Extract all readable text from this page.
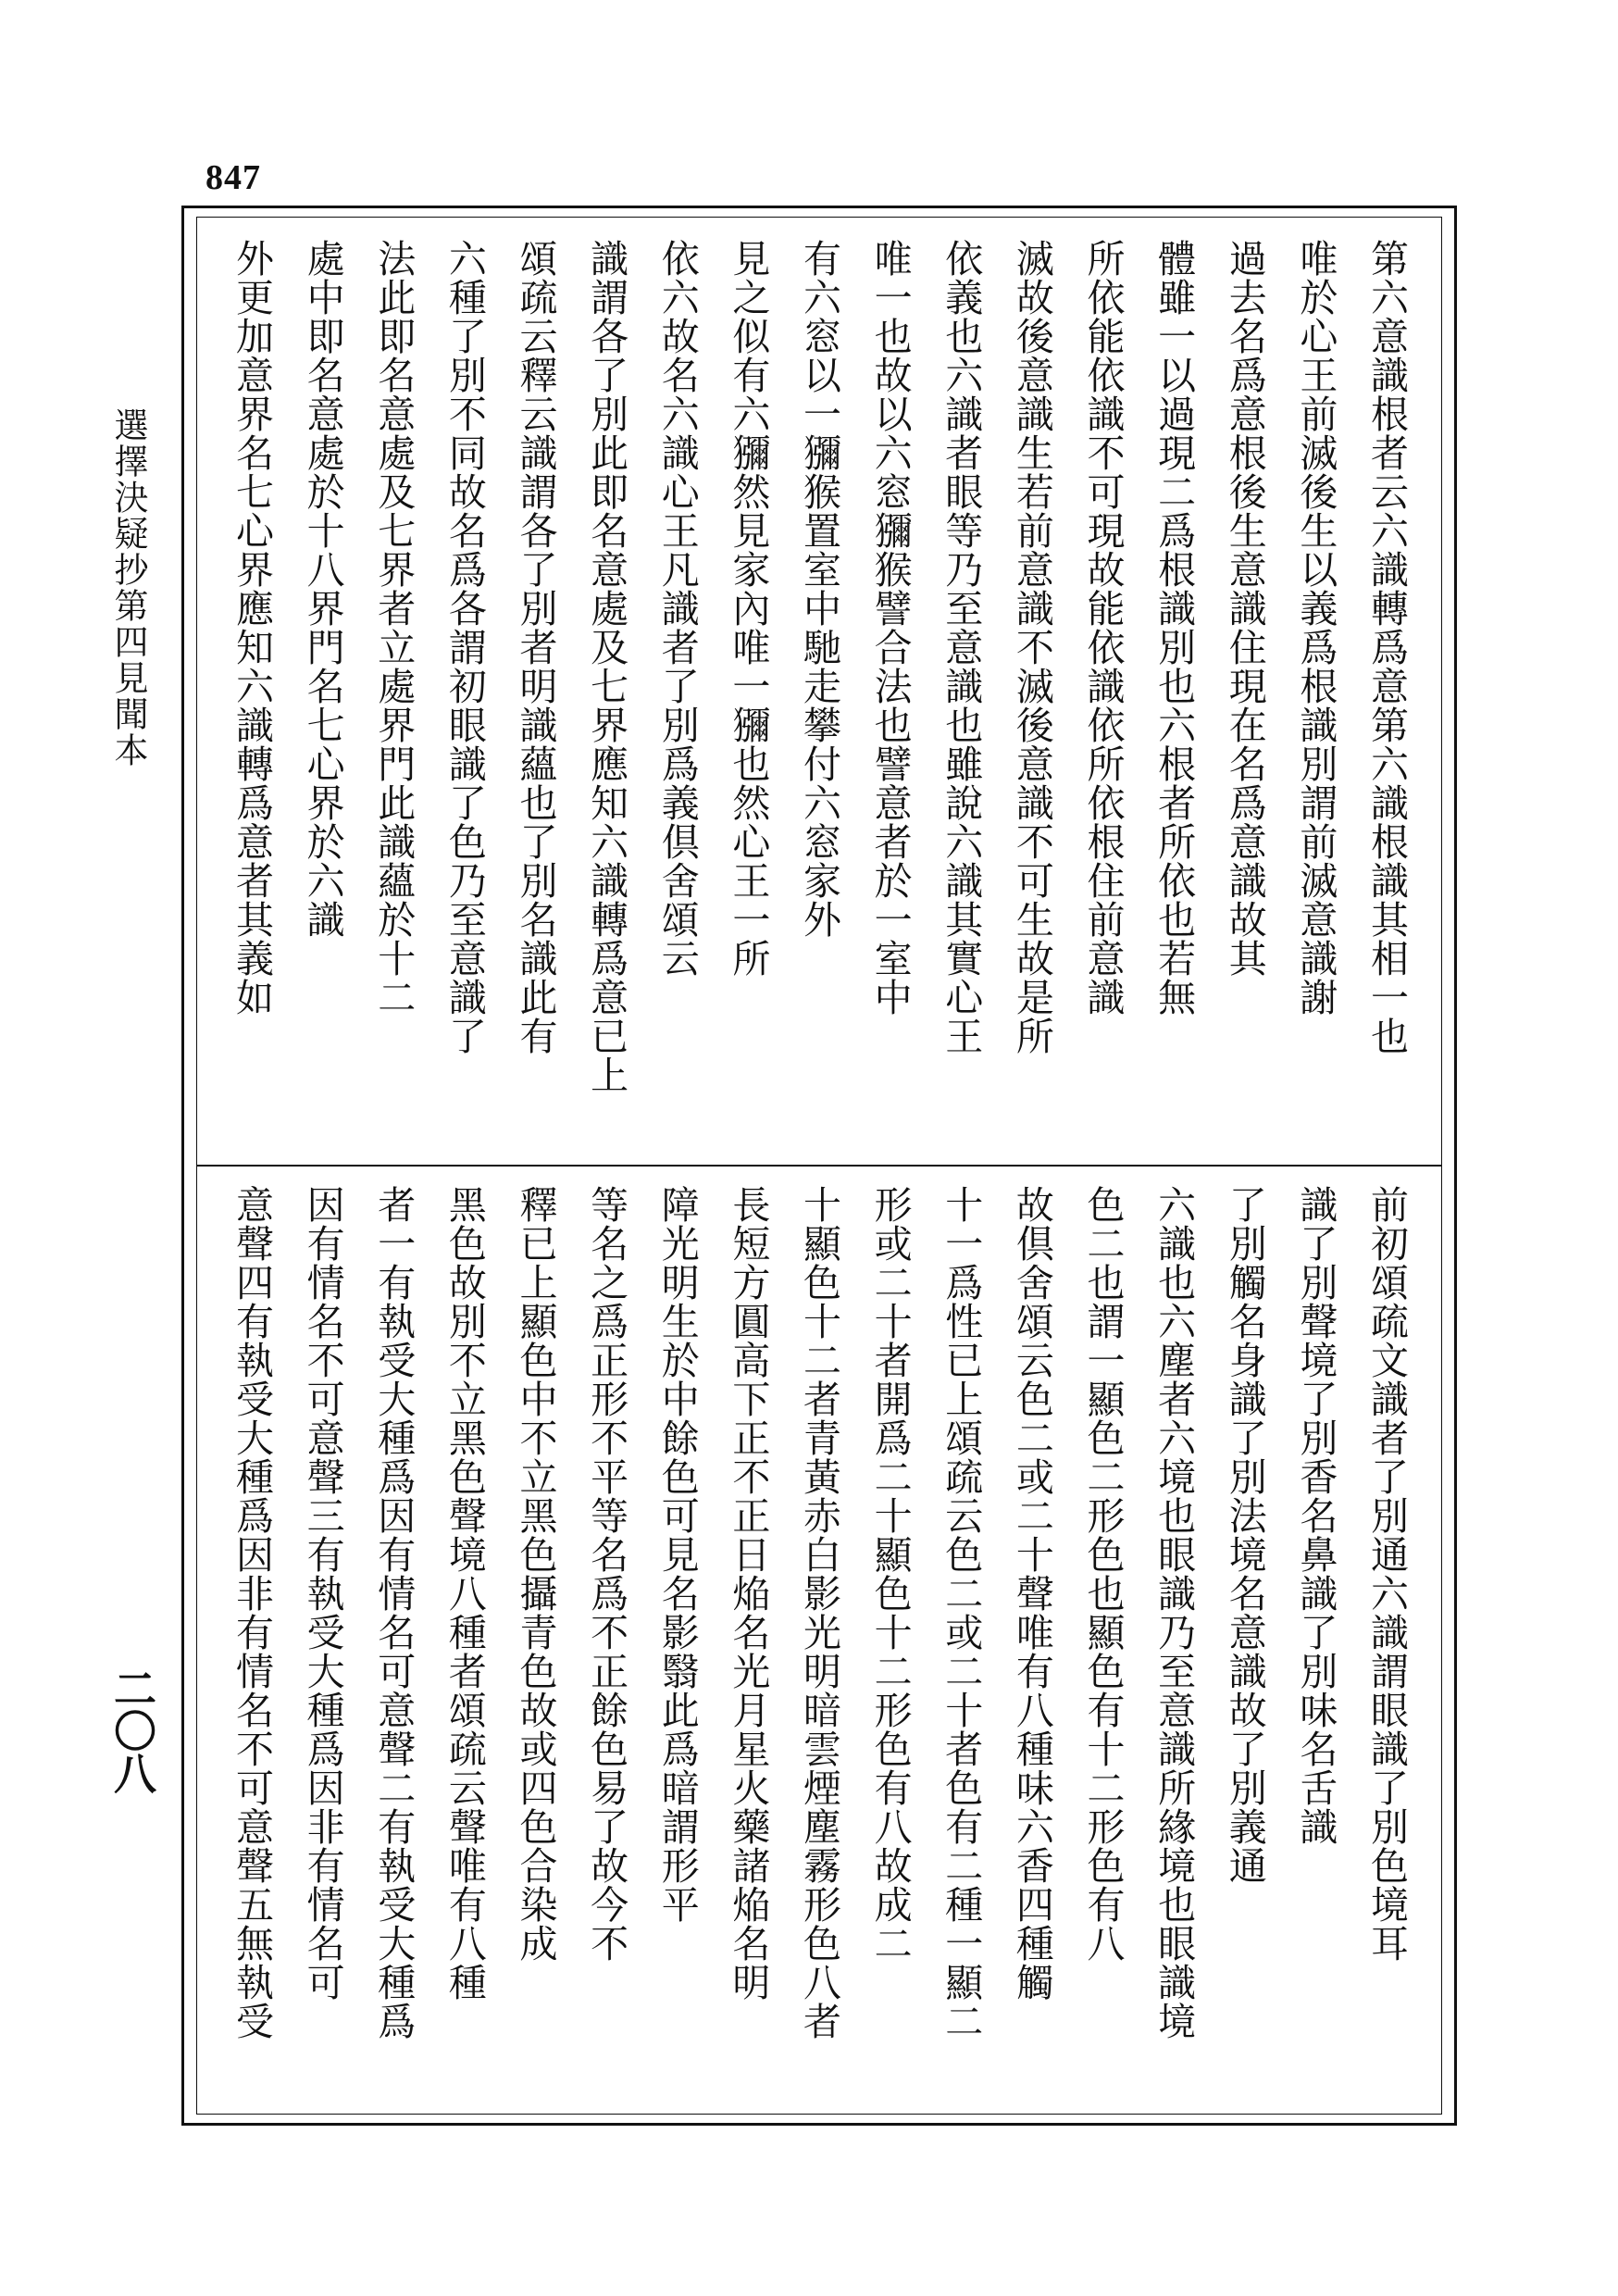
847
選擇決疑抄第四見聞本
二〇八
第六意識根者云六識轉爲意第六識根識其相一也
唯於心王前滅後生以義爲根識別謂前滅意識謝
過去名爲意根後生意識住現在名爲意識故其
體雖一以過現二爲根識別也六根者所依也若無
所依能依識不可現故能依識依所依根住前意識
滅故後意識生若前意識不滅後意識不可生故是所
依義也六識者眼等乃至意識也雖說六識其實心王
唯一也故以六窓獼猴譬合法也譬意者於一室中
有六窓以一獼猴置室中馳走攀付六窓家外
見之似有六獼然見家內唯一獼也然心王一所
依六故名六識心王凡識者了別爲義倶舍頌云
識謂各了別此即名意處及七界應知六識轉爲意已上
頌疏云釋云識謂各了別者明識蘊也了別名識此有
六種了別不同故名爲各謂初眼識了色乃至意識了
法此即名意處及七界者立處界門此識蘊於十二
處中即名意處於十八界門名七心界於六識
外更加意界名七心界應知六識轉爲意者其義如
前初頌疏文識者了別通六識謂眼識了別色境耳
識了別聲境了別香名鼻識了別味名舌識
了別觸名身識了別法境名意識故了別義通
六識也六塵者六境也眼識乃至意識所緣境也眼識境
色二也謂一顯色二形色也顯色有十二形色有八
故倶舍頌云色二或二十聲唯有八種味六香四種觸
十一爲性已上頌疏云色二或二十者色有二種一顯二
形或二十者開爲二十顯色十二形色有八故成二
十顯色十二者青黃赤白影光明暗雲煙塵霧形色八者
長短方圓高下正不正日焔名光月星火藥諸焔名明
障光明生於中餘色可見名影翳此爲暗謂形平
等名之爲正形不平等名爲不正餘色易了故今不
釋已上顯色中不立黑色攝青色故或四色合染成
黑色故別不立黑色聲境八種者頌疏云聲唯有八種
者一有執受大種爲因有情名可意聲二有執受大種爲
因有情名不可意聲三有執受大種爲因非有情名可
意聲四有執受大種爲因非有情名不可意聲五無執受
